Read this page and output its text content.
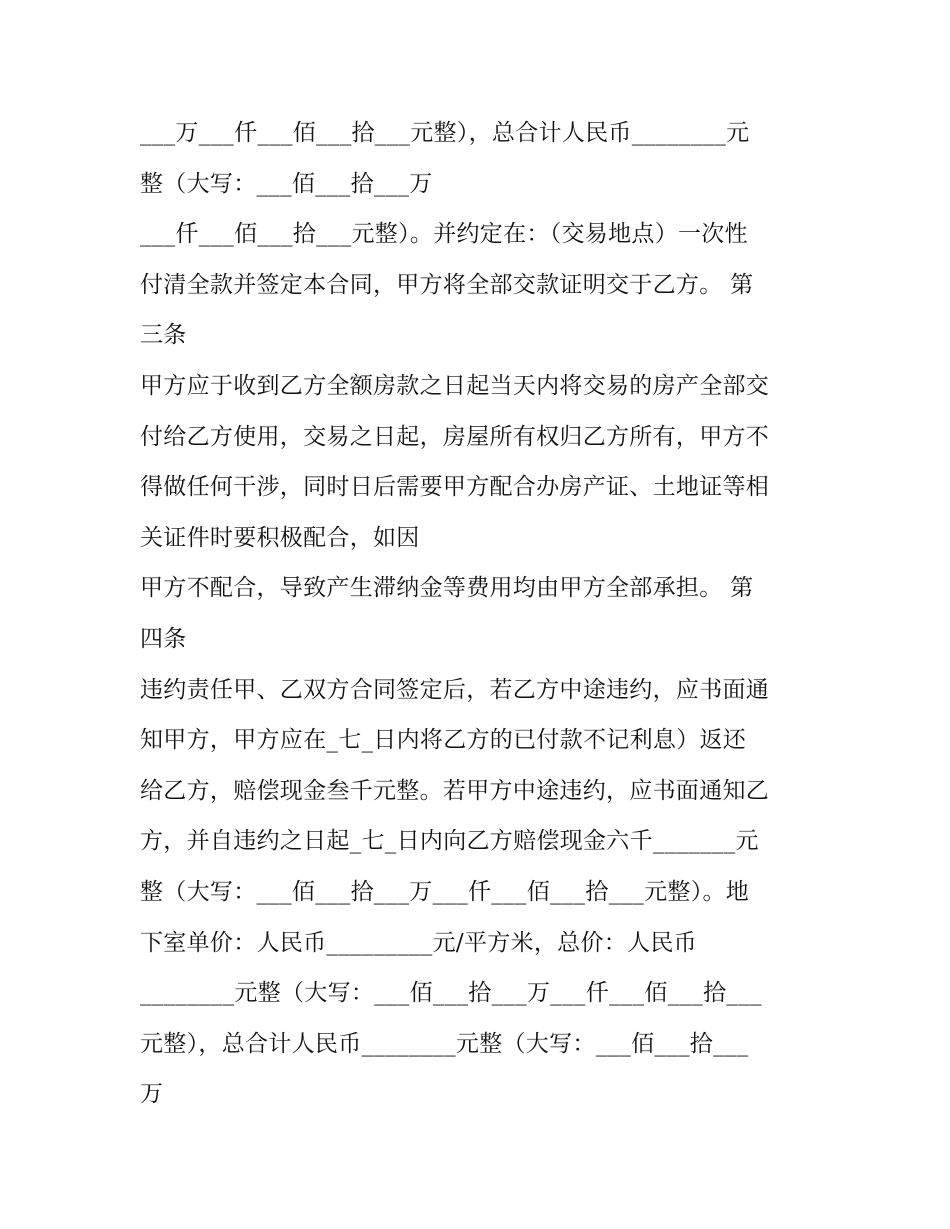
___万___仟___佰___拾___元整），总合计人民币________元
整（大写：___佰___拾___万
___仟___佰___拾___元整）。并约定在：（交易地点）一次性
付清全款并签定本合同，甲方将全部交款证明交于乙方。 第
三条
甲方应于收到乙方全额房款之日起当天内将交易的房产全部交
付给乙方使用，交易之日起，房屋所有权归乙方所有，甲方不
得做任何干涉，同时日后需要甲方配合办房产证、土地证等相
关证件时要积极配合，如因
甲方不配合，导致产生滞纳金等费用均由甲方全部承担。 第
四条
违约责任甲、乙双方合同签定后，若乙方中途违约，应书面通
知甲方，甲方应在_七_日内将乙方的已付款不记利息）返还
给乙方，赔偿现金叁千元整。若甲方中途违约，应书面通知乙
方，并自违约之日起_七_日内向乙方赔偿现金六千_______元
整（大写：___佰___拾___万___仟___佰___拾___元整）。地
下室单价：人民币_________元/平方米，总价：人民币
________元整（大写：___佰___拾___万___仟___佰___拾___
元整），总合计人民币________元整（大写：___佰___拾___
万
